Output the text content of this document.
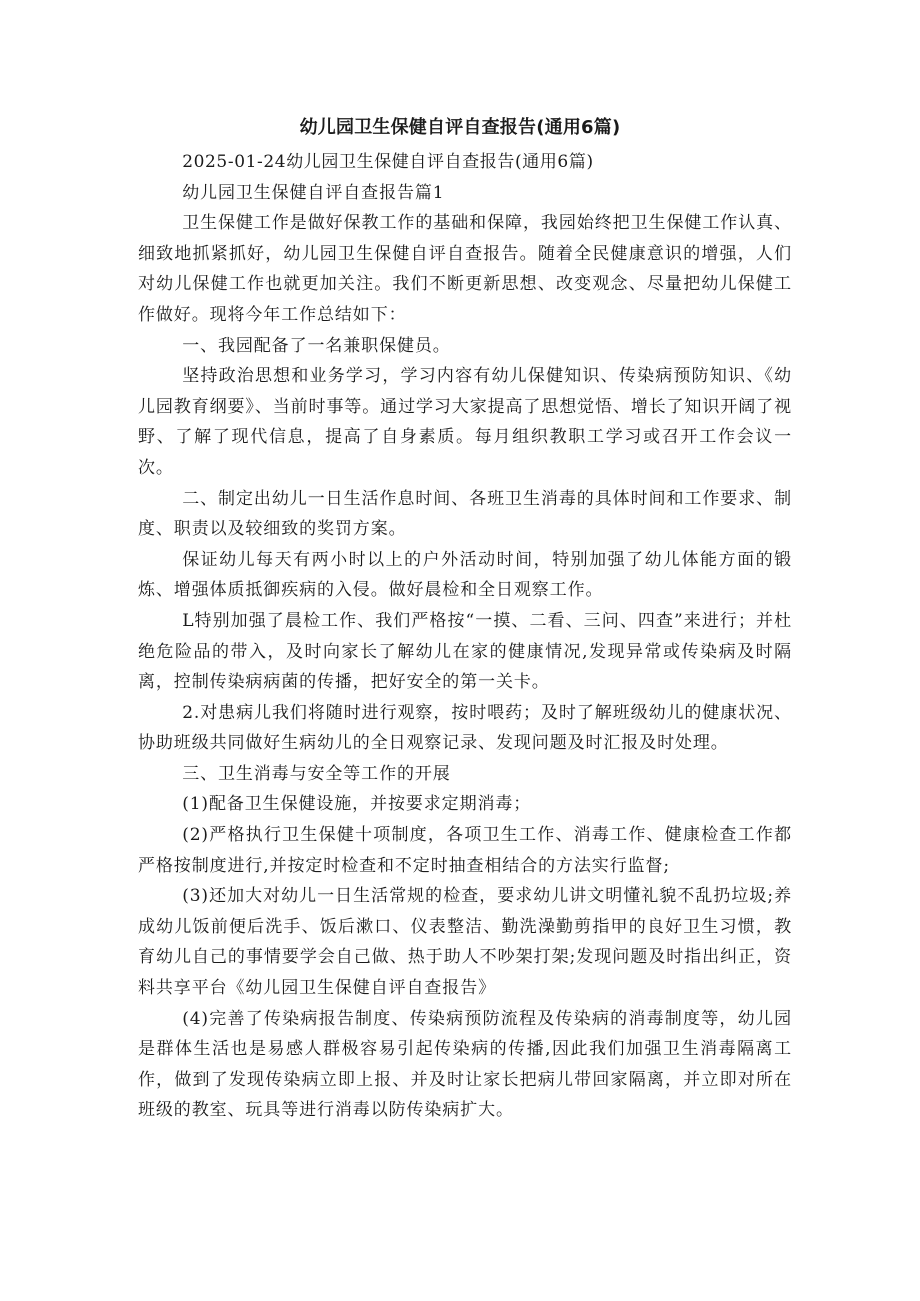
幼儿园卫生保健自评自查报告(通用6篇)

2025-01-24幼儿园卫生保健自评自查报告(通用6篇)

幼儿园卫生保健自评自查报告篇1

卫生保健工作是做好保教工作的基础和保障，我园始终把卫生保健工作认真、细致地抓紧抓好，幼儿园卫生保健自评自查报告。随着全民健康意识的增强，人们对幼儿保健工作也就更加关注。我们不断更新思想、改变观念、尽量把幼儿保健工作做好。现将今年工作总结如下：

一、我园配备了一名兼职保健员。

坚持政治思想和业务学习，学习内容有幼儿保健知识、传染病预防知识、《幼儿园教育纲要》、当前时事等。通过学习大家提高了思想觉悟、增长了知识开阔了视野、了解了现代信息，提高了自身素质。每月组织教职工学习或召开工作会议一次。

二、制定出幼儿一日生活作息时间、各班卫生消毒的具体时间和工作要求、制度、职责以及较细致的奖罚方案。

保证幼儿每天有两小时以上的户外活动时间，特别加强了幼儿体能方面的锻炼、增强体质抵御疾病的入侵。做好晨检和全日观察工作。

L特别加强了晨检工作、我们严格按“一摸、二看、三问、四查”来进行；并杜绝危险品的带入，及时向家长了解幼儿在家的健康情况,发现异常或传染病及时隔离，控制传染病病菌的传播，把好安全的第一关卡。

2.对患病儿我们将随时进行观察，按时喂药；及时了解班级幼儿的健康状况、协助班级共同做好生病幼儿的全日观察记录、发现问题及时汇报及时处理。

三、卫生消毒与安全等工作的开展

(1)配备卫生保健设施，并按要求定期消毒；

(2)严格执行卫生保健十项制度，各项卫生工作、消毒工作、健康检查工作都严格按制度进行,并按定时检查和不定时抽查相结合的方法实行监督;

(3)还加大对幼儿一日生活常规的检查，要求幼儿讲文明懂礼貌不乱扔垃圾;养成幼儿饭前便后洗手、饭后漱口、仪表整洁、勤洗澡勤剪指甲的良好卫生习惯，教育幼儿自己的事情要学会自己做、热于助人不吵架打架;发现问题及时指出纠正，资料共享平台《幼儿园卫生保健自评自查报告》

(4)完善了传染病报告制度、传染病预防流程及传染病的消毒制度等，幼儿园是群体生活也是易感人群极容易引起传染病的传播,因此我们加强卫生消毒隔离工作，做到了发现传染病立即上报、并及时让家长把病儿带回家隔离，并立即对所在班级的教室、玩具等进行消毒以防传染病扩大。
